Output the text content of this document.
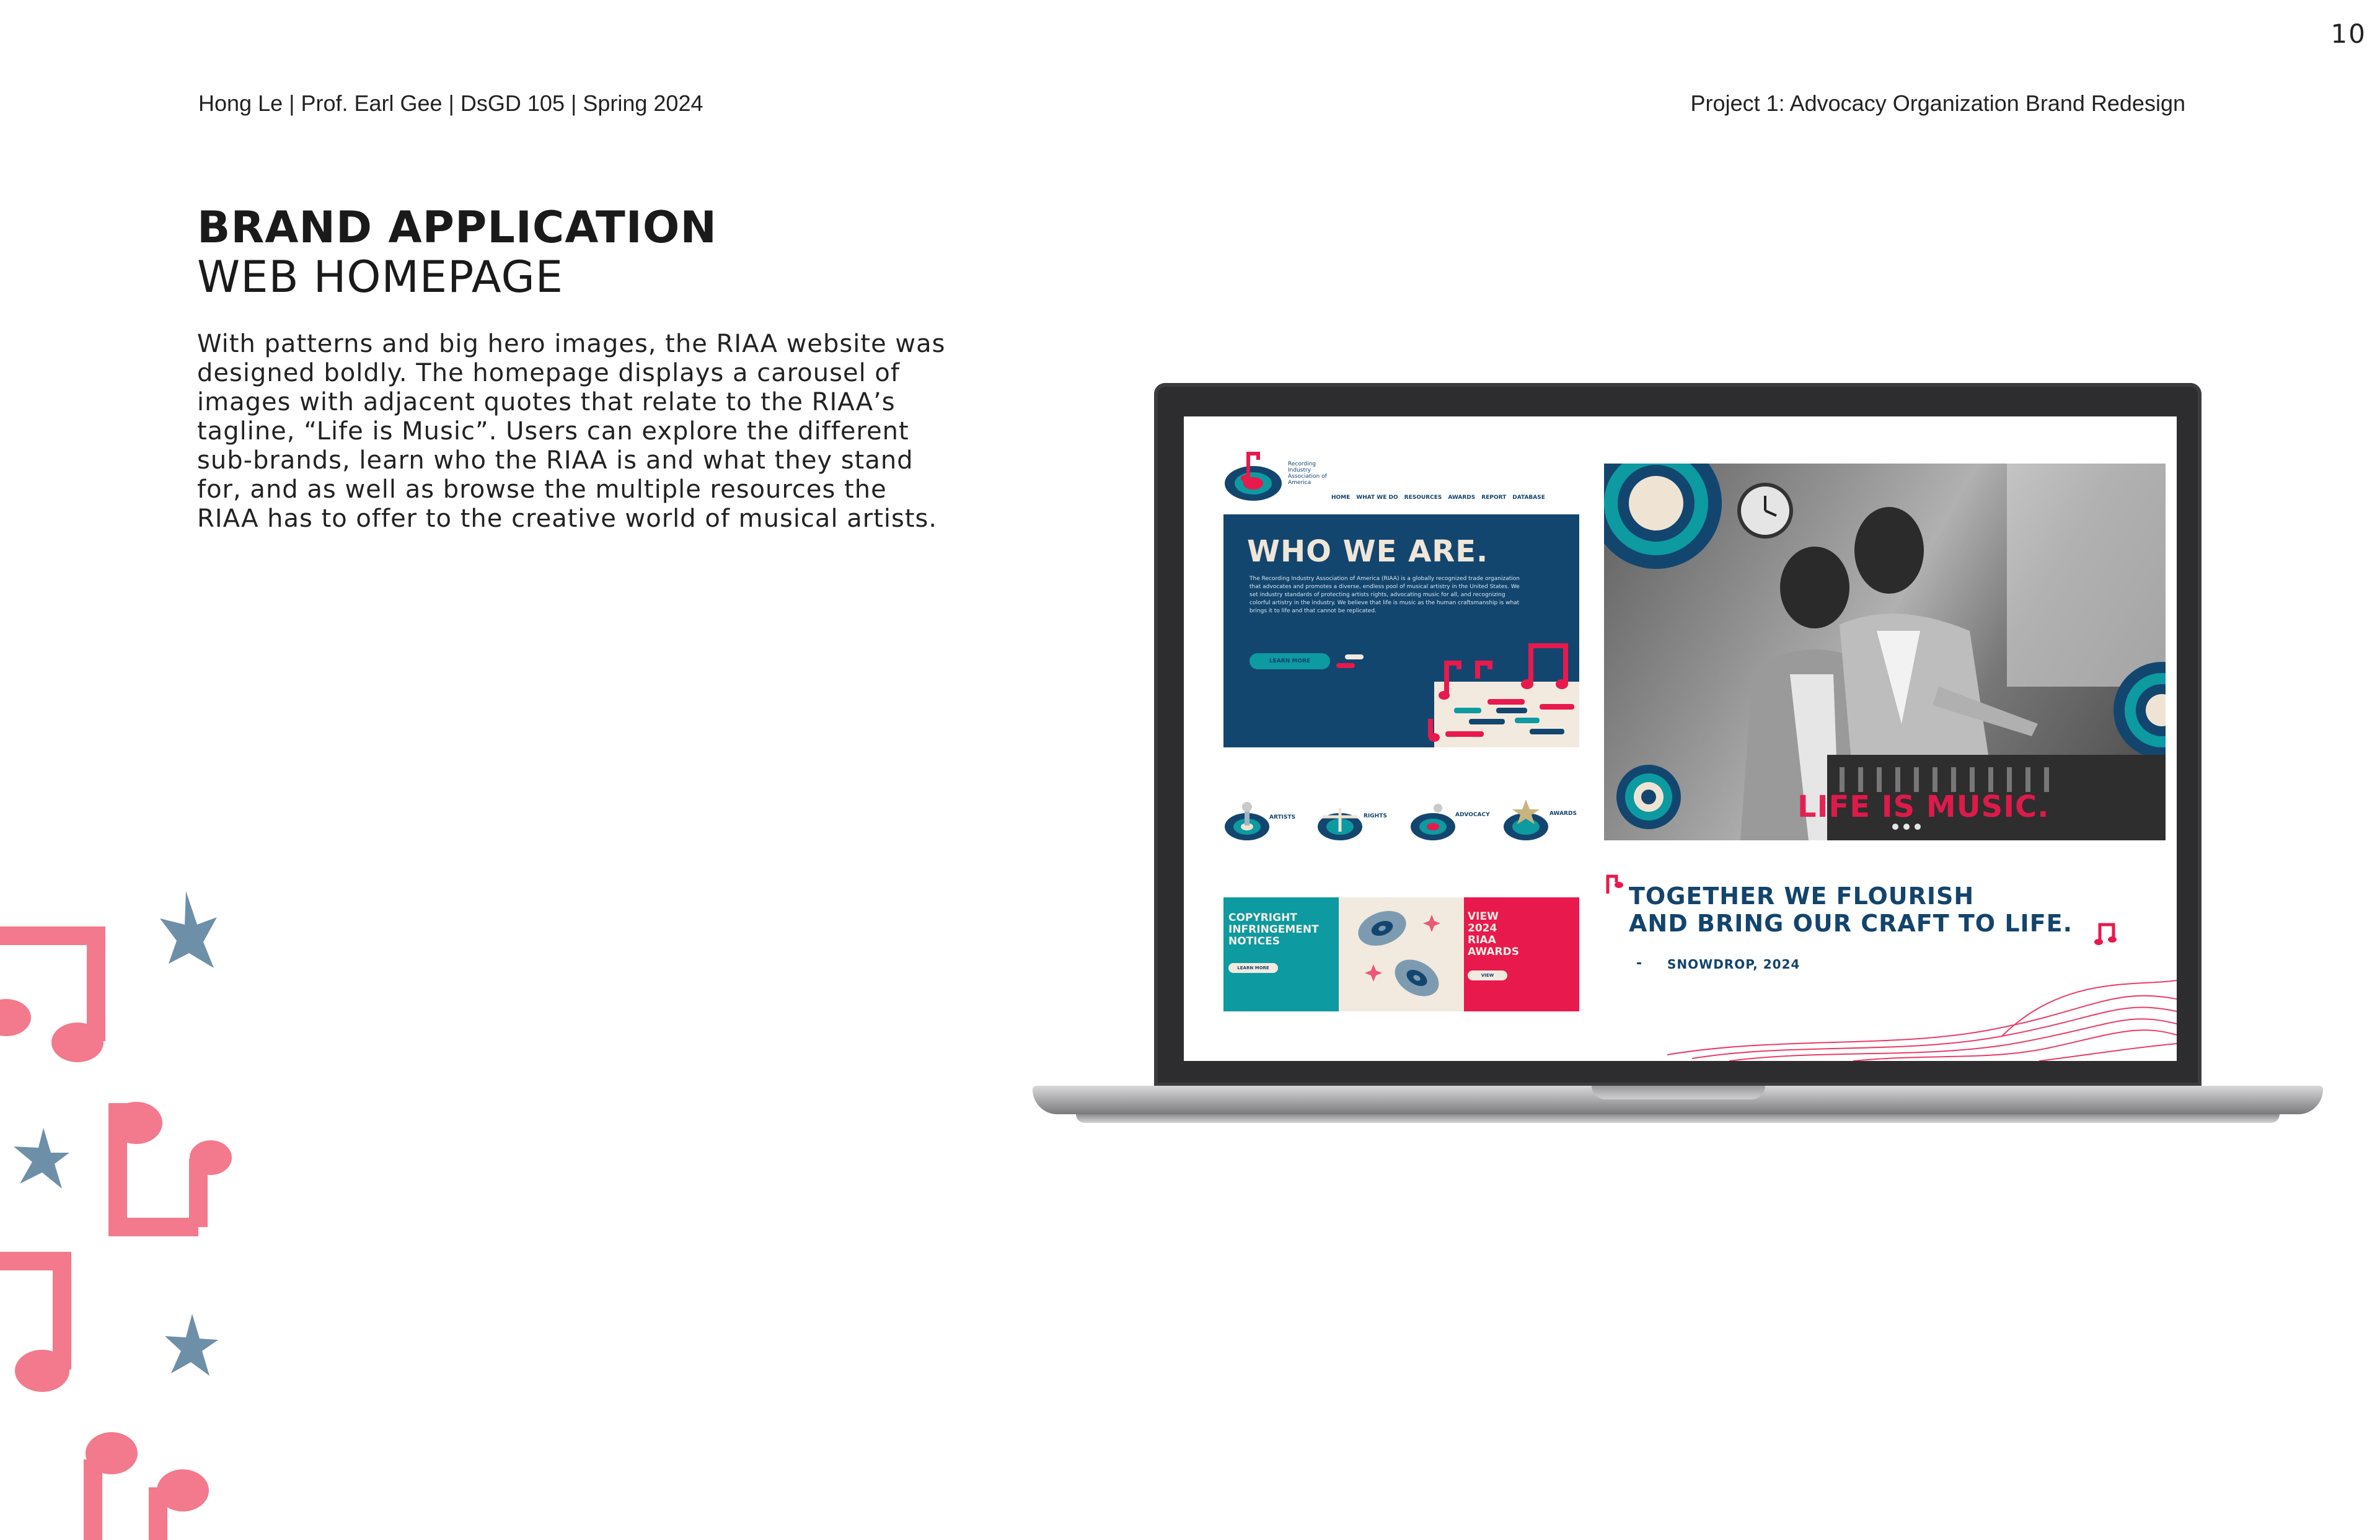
10
Hong Le | Prof. Earl Gee | DsGD 105 | Spring 2024	Project 1: Advocacy Organization Brand Redesign
BRAND APPLICATION
WEB HOMEPAGE
With patterns and big hero images, the RIAA website was
designed boldly. The homepage displays a carousel of
images with adjacent quotes that relate to the RIAA’s
tagline, “Life is Music”. Users can explore the different
sub-brands, learn who the RIAA is and what they stand
for, and as well as browse the multiple resources the
RIAA has to offer to the creative world of musical artists.
Recording
Industry
Association of
America
HOME WHAT WE DO RESOURCES AWARDS REPORT DATABASE
WHO WE ARE.
The Recording Industry Association of America (RIAA) is a globally recognized trade organization that advocates and promotes a diverse, endless pool of musical artistry in the United States. We set industry standards of protecting artists rights, advocating music for all, and recognizing colorful artistry in the industry. We believe that life is music as the human craftsmanship is what brings it to life and that cannot be replicated.
LEARN MORE
LIFE IS MUSIC.
ARTISTS	RIGHTS	ADVOCACY	AWARDS
COPYRIGHT
INFRINGEMENT
NOTICES
LEARN MORE
VIEW
2024
RIAA
AWARDS
VIEW
TOGETHER WE FLOURISH
AND BRING OUR CRAFT TO LIFE.
- SNOWDROP, 2024
